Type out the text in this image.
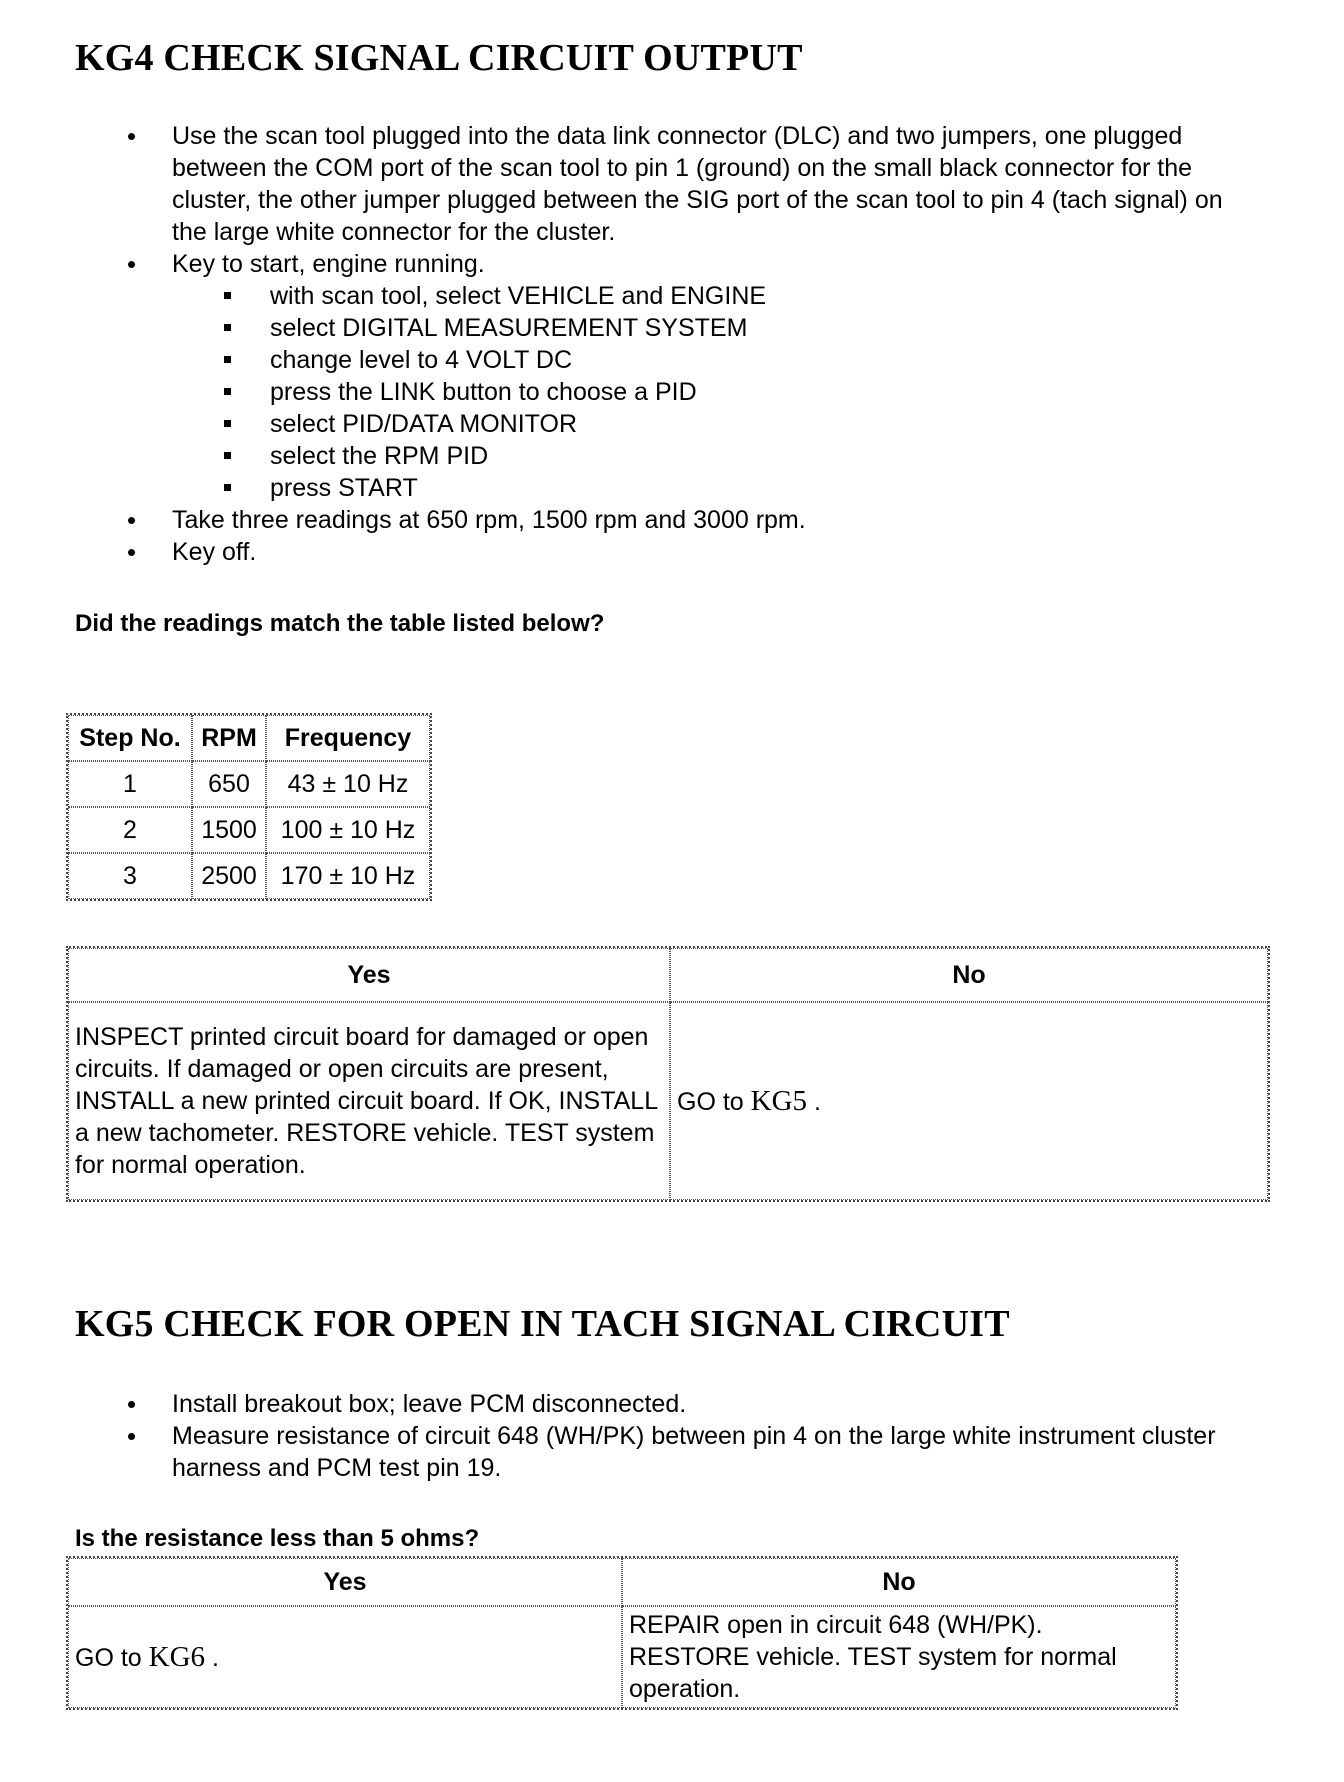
KG4 CHECK SIGNAL CIRCUIT OUTPUT
Use the scan tool plugged into the data link connector (DLC) and two jumpers, one plugged between the COM port of the scan tool to pin 1 (ground) on the small black connector for the cluster, the other jumper plugged between the SIG port of the scan tool to pin 4 (tach signal) on the large white connector for the cluster.
Key to start, engine running.
with scan tool, select VEHICLE and ENGINE
select DIGITAL MEASUREMENT SYSTEM
change level to 4 VOLT DC
press the LINK button to choose a PID
select PID/DATA MONITOR
select the RPM PID
press START
Take three readings at 650 rpm, 1500 rpm and 3000 rpm.
Key off.

Did the readings match the table listed below?

Step No.	RPM	Frequency
1	650	43 ± 10 Hz
2	1500	100 ± 10 Hz
3	2500	170 ± 10 Hz
Yes	No
INSPECT printed circuit board for damaged or open circuits. If damaged or open circuits are present, INSTALL a new printed circuit board. If OK, INSTALL a new tachometer. RESTORE vehicle. TEST system for normal operation.	GO to KG5 .
KG5 CHECK FOR OPEN IN TACH SIGNAL CIRCUIT
Install breakout box; leave PCM disconnected.
Measure resistance of circuit 648 (WH/PK) between pin 4 on the large white instrument cluster harness and PCM test pin 19.

Is the resistance less than 5 ohms?

Yes	No
GO to KG6 .	REPAIR open in circuit 648 (WH/PK). RESTORE vehicle. TEST system for normal operation.
